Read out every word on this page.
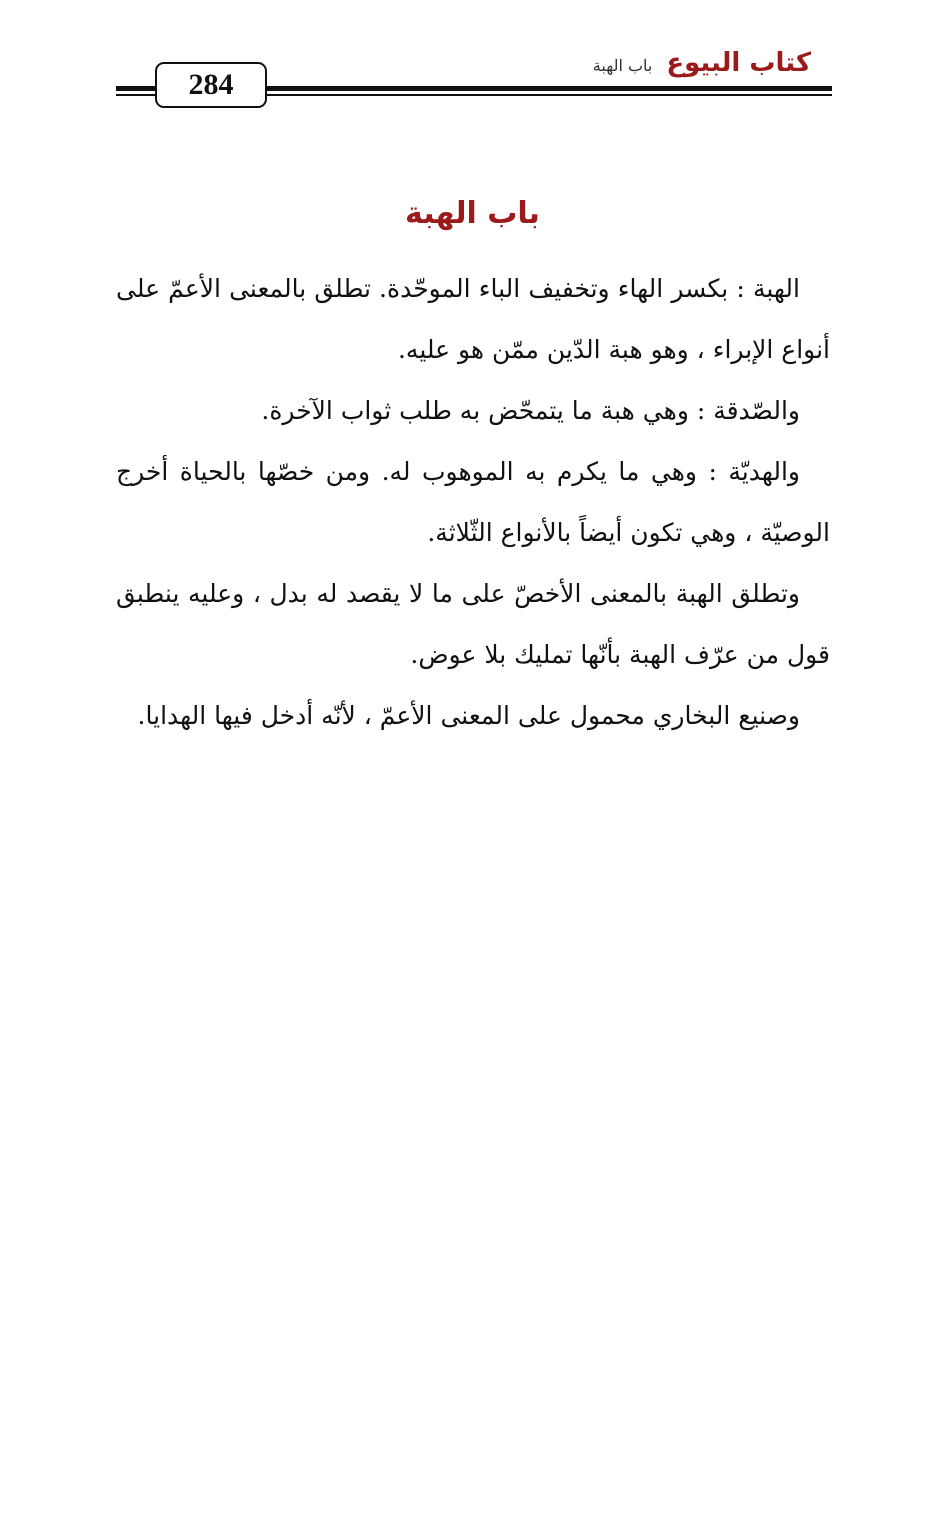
284
كتاب البيوع
باب الهبة
باب الهبة

الهبة : بكسر الهاء وتخفيف الباء الموحّدة. تطلق بالمعنى الأعمّ على أنواع الإبراء ، وهو هبة الدّين ممّن هو عليه.

والصّدقة : وهي هبة ما يتمحّض به طلب ثواب الآخرة.

والهديّة : وهي ما يكرم به الموهوب له. ومن خصّها بالحياة أخرج الوصيّة ، وهي تكون أيضاً بالأنواع الثّلاثة.

وتطلق الهبة بالمعنى الأخصّ على ما لا يقصد له بدل ، وعليه ينطبق قول من عرّف الهبة بأنّها تمليك بلا عوض.

وصنيع البخاري محمول على المعنى الأعمّ ، لأنّه أدخل فيها الهدايا.
